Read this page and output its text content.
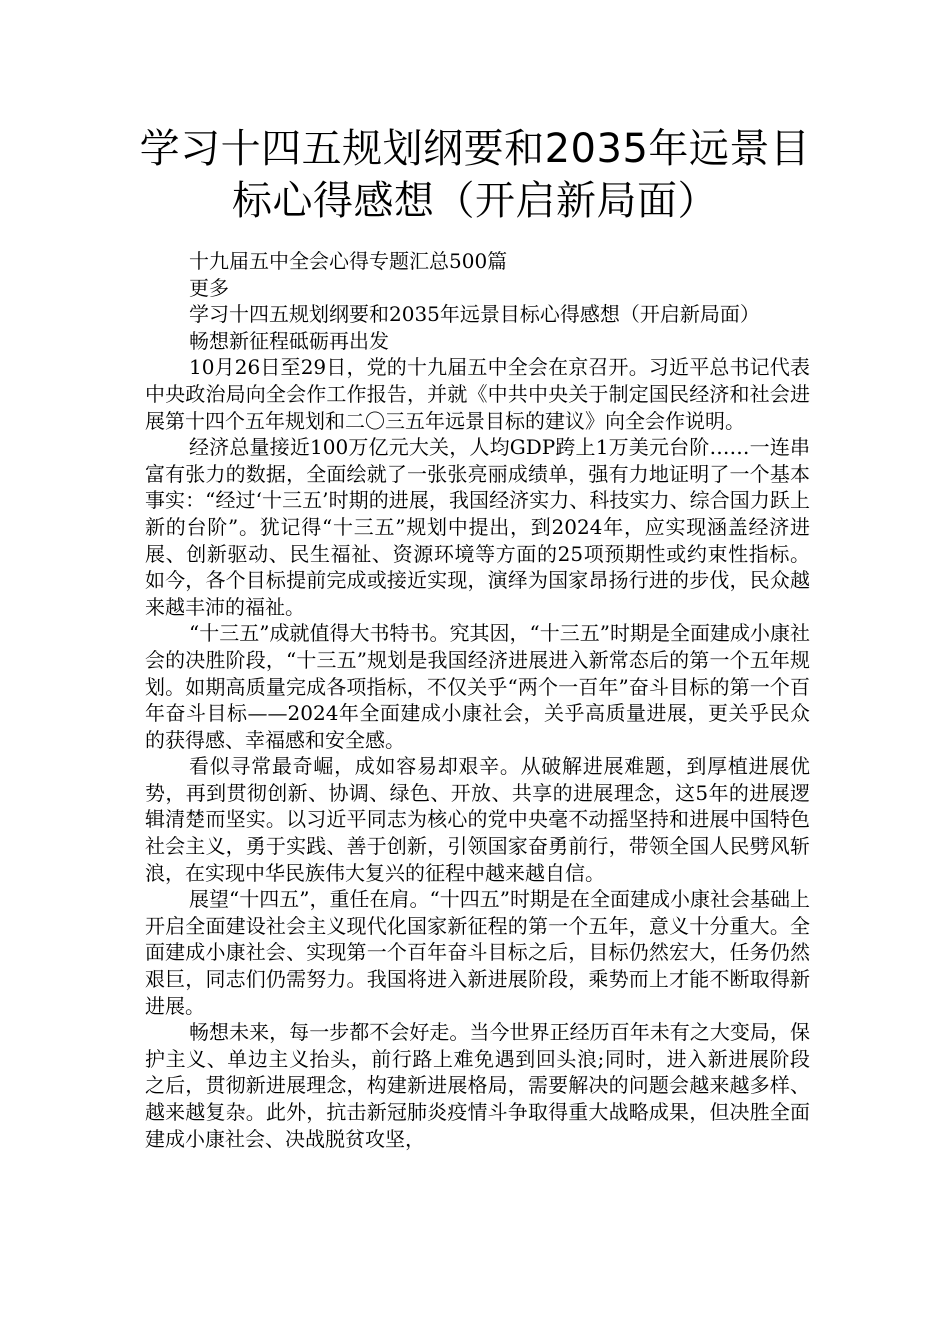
学习十四五规划纲要和2035年远景目
标心得感想（开启新局面）

十九届五中全会心得专题汇总500篇

更多

学习十四五规划纲要和2035年远景目标心得感想（开启新局面）

畅想新征程砥砺再出发

10月26日至29日，党的十九届五中全会在京召开。习近平总书记代表中央政治局向全会作工作报告，并就《中共中央关于制定国民经济和社会进展第十四个五年规划和二〇三五年远景目标的建议》向全会作说明。

经济总量接近100万亿元大关，人均GDP跨上1万美元台阶……一连串富有张力的数据，全面绘就了一张张亮丽成绩单，强有力地证明了一个基本事实：“经过‘十三五’时期的进展，我国经济实力、科技实力、综合国力跃上新的台阶”。犹记得“十三五”规划中提出，到2024年，应实现涵盖经济进展、创新驱动、民生福祉、资源环境等方面的25项预期性或约束性指标。如今，各个目标提前完成或接近实现，演绎为国家昂扬行进的步伐，民众越来越丰沛的福祉。

“十三五”成就值得大书特书。究其因，“十三五”时期是全面建成小康社会的决胜阶段，“十三五”规划是我国经济进展进入新常态后的第一个五年规划。如期高质量完成各项指标，不仅关乎“两个一百年”奋斗目标的第一个百年奋斗目标——2024年全面建成小康社会，关乎高质量进展，更关乎民众的获得感、幸福感和安全感。

看似寻常最奇崛，成如容易却艰辛。从破解进展难题，到厚植进展优势，再到贯彻创新、协调、绿色、开放、共享的进展理念，这5年的进展逻辑清楚而坚实。以习近平同志为核心的党中央毫不动摇坚持和进展中国特色社会主义，勇于实践、善于创新，引领国家奋勇前行，带领全国人民劈风斩浪，在实现中华民族伟大复兴的征程中越来越自信。

展望“十四五”，重任在肩。“十四五”时期是在全面建成小康社会基础上开启全面建设社会主义现代化国家新征程的第一个五年，意义十分重大。全面建成小康社会、实现第一个百年奋斗目标之后，目标仍然宏大，任务仍然艰巨，同志们仍需努力。我国将进入新进展阶段，乘势而上才能不断取得新进展。

畅想未来，每一步都不会好走。当今世界正经历百年未有之大变局，保护主义、单边主义抬头，前行路上难免遇到回头浪;同时，进入新进展阶段之后，贯彻新进展理念，构建新进展格局，需要解决的问题会越来越多样、越来越复杂。此外，抗击新冠肺炎疫情斗争取得重大战略成果，但决胜全面建成小康社会、决战脱贫攻坚，
